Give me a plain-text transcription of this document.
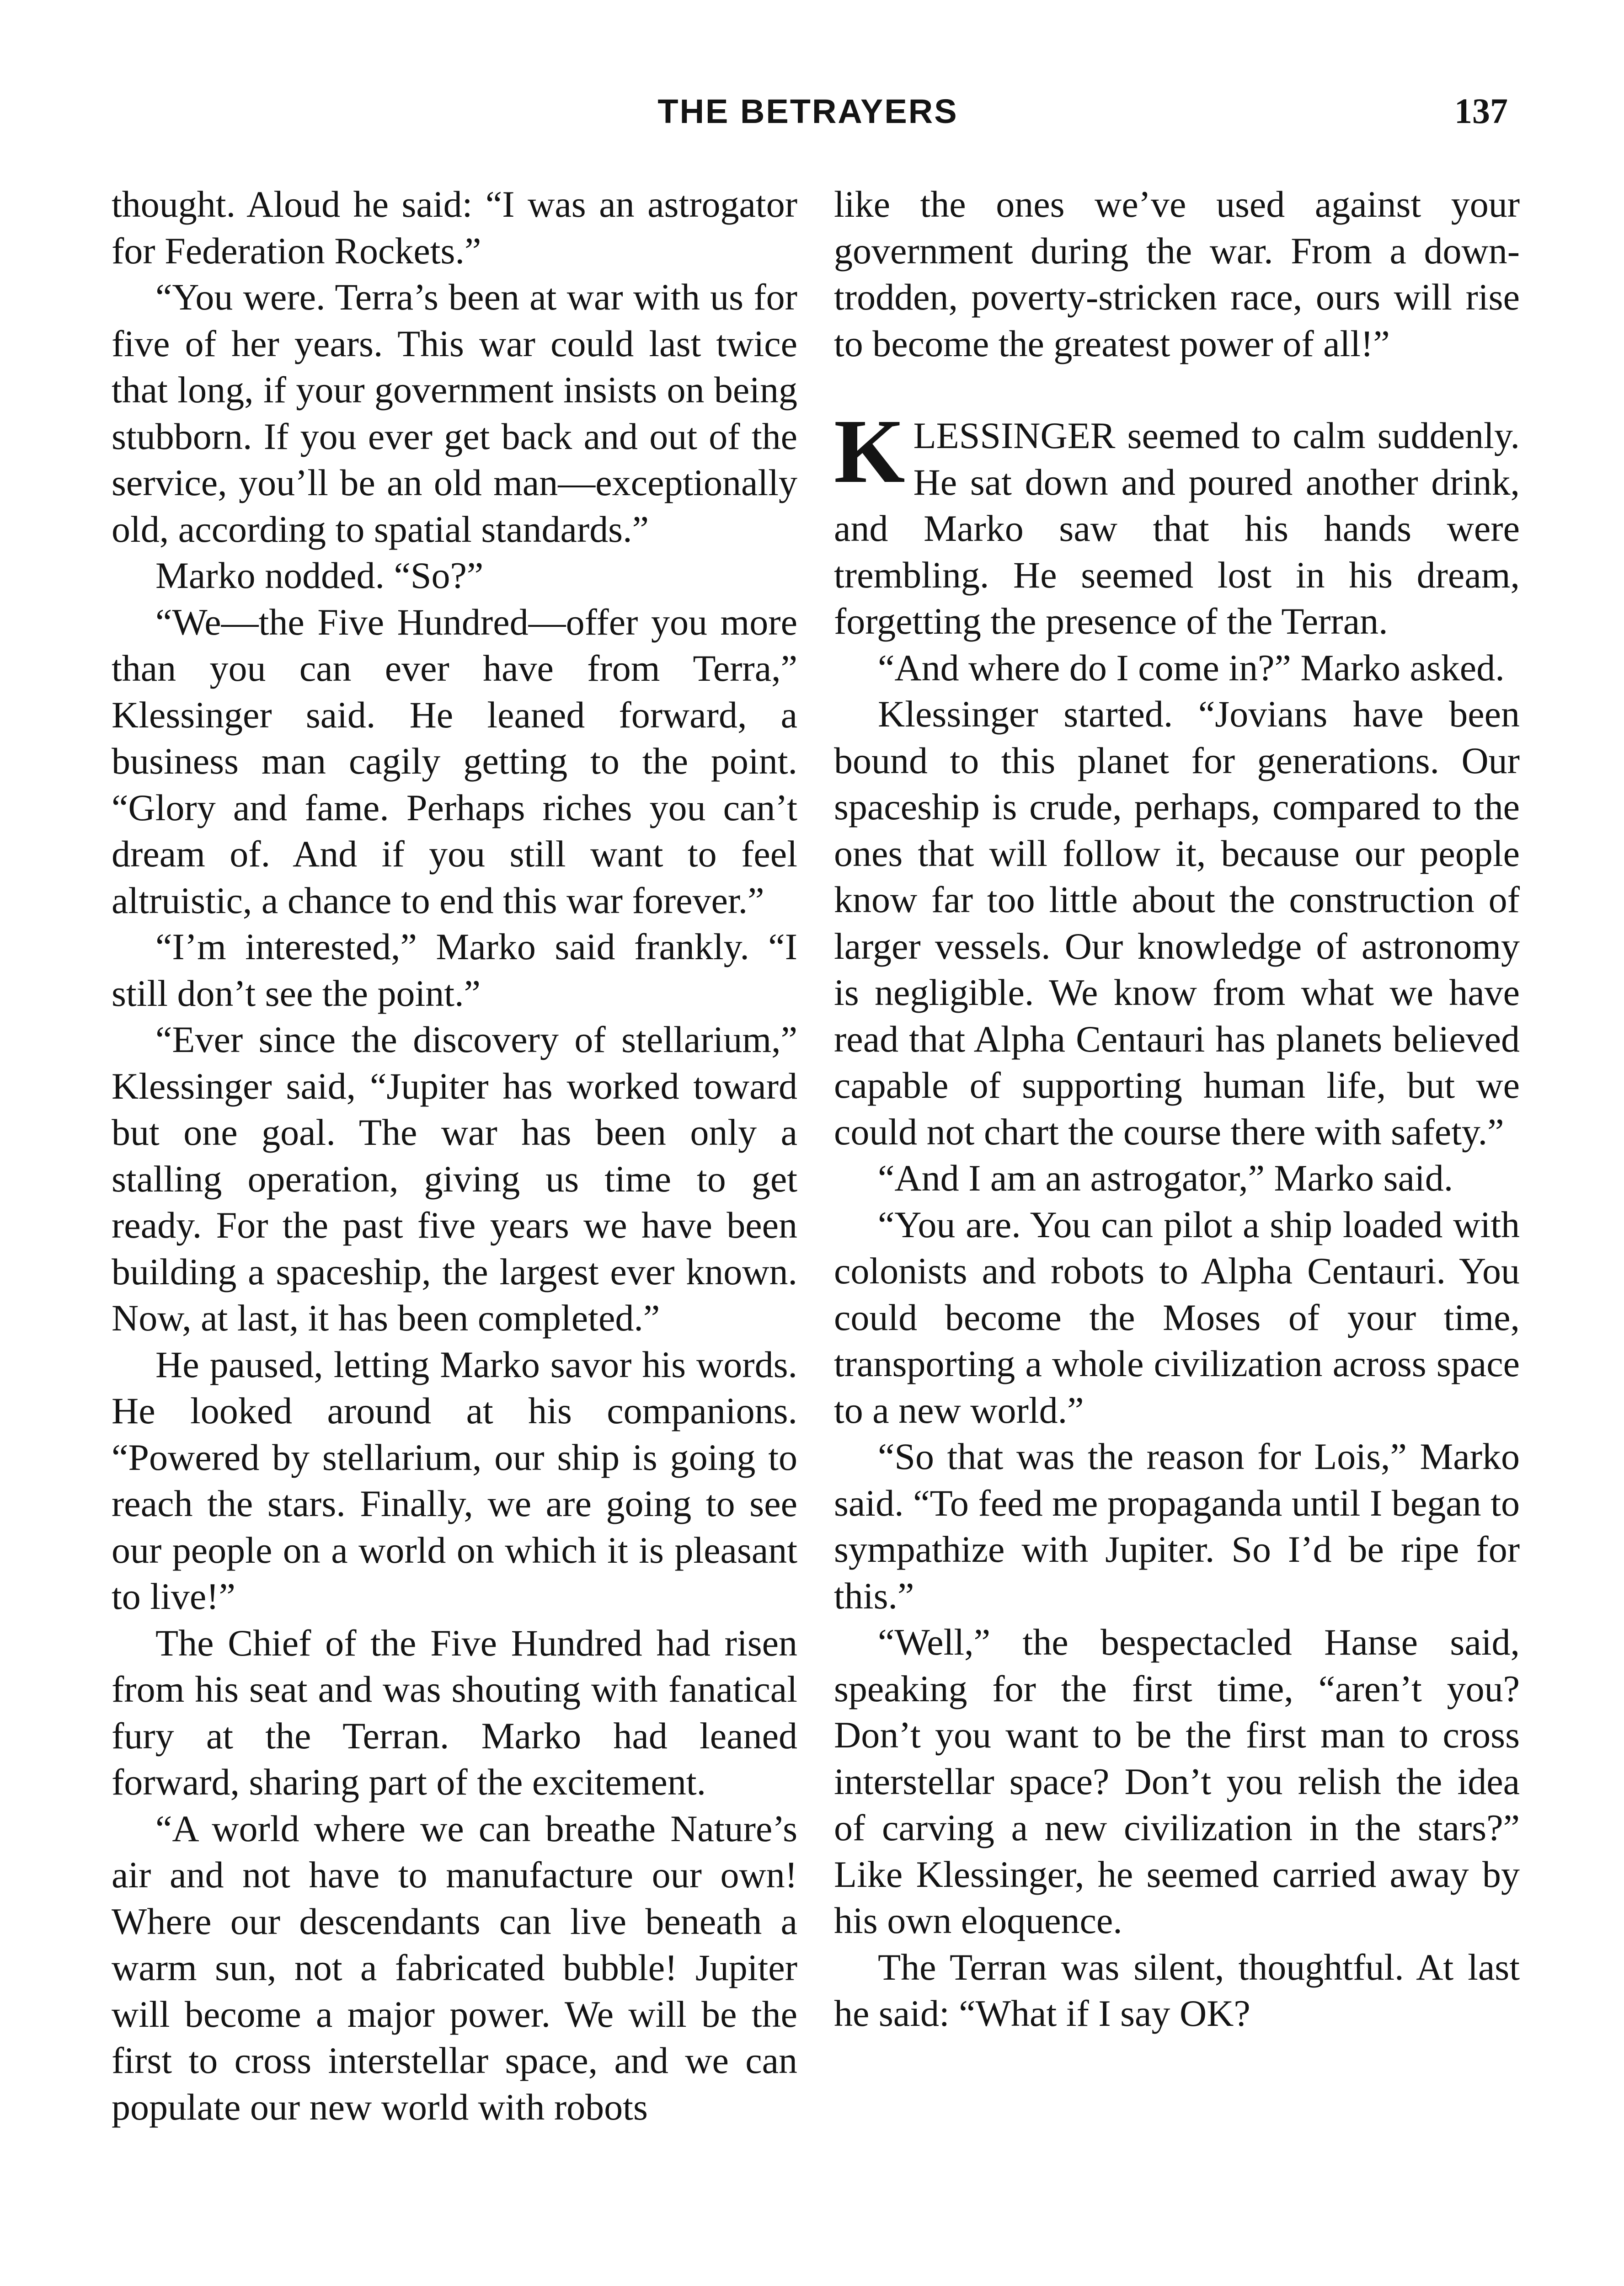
THE BETRAYERS	137

thought. Aloud he said: “I was an astrogator for Federation Rockets.”

“You were. Terra’s been at war with us for five of her years. This war could last twice that long, if your government insists on being stubborn. If you ever get back and out of the service, you’ll be an old man—exceptionally old, according to spatial standards.”

Marko nodded. “So?”

“We—the Five Hundred—offer you more than you can ever have from Terra,” Klessinger said. He leaned forward, a business man cagily getting to the point. “Glory and fame. Perhaps riches you can’t dream of. And if you still want to feel altruistic, a chance to end this war forever.”

“I’m interested,” Marko said frankly. “I still don’t see the point.”

“Ever since the discovery of stellarium,” Klessinger said, “Jupiter has worked toward but one goal. The war has been only a stalling operation, giving us time to get ready. For the past five years we have been building a spaceship, the largest ever known. Now, at last, it has been completed.”

He paused, letting Marko savor his words. He looked around at his companions. “Powered by stellarium, our ship is going to reach the stars. Finally, we are going to see our people on a world on which it is pleasant to live!”

The Chief of the Five Hundred had risen from his seat and was shouting with fanatical fury at the Terran. Marko had leaned forward, sharing part of the excitement.

“A world where we can breathe Nature’s air and not have to manufacture our own! Where our descendants can live beneath a warm sun, not a fabricated bubble! Jupiter will become a major power. We will be the first to cross interstellar space, and we can populate our new world with robots

like the ones we’ve used against your government during the war. From a down-trodden, poverty-stricken race, ours will rise to become the greatest power of all!”

KLESSINGER seemed to calm suddenly. He sat down and poured another drink, and Marko saw that his hands were trembling. He seemed lost in his dream, forgetting the presence of the Terran.

“And where do I come in?” Marko asked.

Klessinger started. “Jovians have been bound to this planet for generations. Our spaceship is crude, perhaps, compared to the ones that will follow it, because our people know far too little about the construction of larger vessels. Our knowledge of astronomy is negligible. We know from what we have read that Alpha Centauri has planets believed capable of supporting human life, but we could not chart the course there with safety.”

“And I am an astrogator,” Marko said.

“You are. You can pilot a ship loaded with colonists and robots to Alpha Centauri. You could become the Moses of your time, transporting a whole civilization across space to a new world.”

“So that was the reason for Lois,” Marko said. “To feed me propaganda until I began to sympathize with Jupiter. So I’d be ripe for this.”

“Well,” the bespectacled Hanse said, speaking for the first time, “aren’t you? Don’t you want to be the first man to cross interstellar space? Don’t you relish the idea of carving a new civilization in the stars?” Like Klessinger, he seemed carried away by his own eloquence.

The Terran was silent, thoughtful. At last he said: “What if I say OK?
